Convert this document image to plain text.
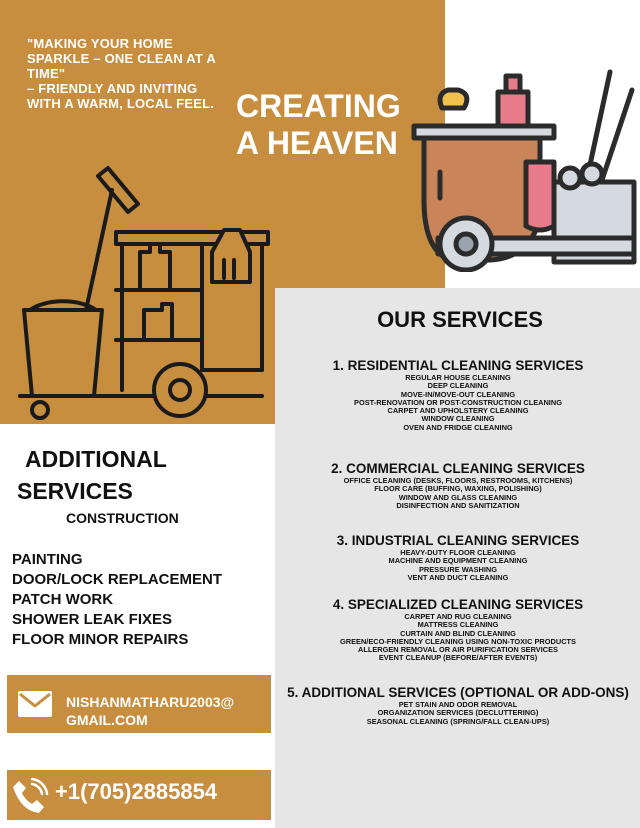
"MAKING YOUR HOME
SPARKLE – ONE CLEAN AT A
TIME"
– FRIENDLY AND INVITING
WITH A WARM, LOCAL FEEL. CREATING
A HEAVEN
OUR SERVICES
1. RESIDENTIAL CLEANING SERVICES
REGULAR HOUSE CLEANING
DEEP CLEANING
MOVE-IN/MOVE-OUT CLEANING
POST-RENOVATION OR POST-CONSTRUCTION CLEANING
CARPET AND UPHOLSTERY CLEANING
WINDOW CLEANING
OVEN AND FRIDGE CLEANING
2. COMMERCIAL CLEANING SERVICES
OFFICE CLEANING (DESKS, FLOORS, RESTROOMS, KITCHENS)
FLOOR CARE (BUFFING, WAXING, POLISHING)
WINDOW AND GLASS CLEANING
DISINFECTION AND SANITIZATION
3. INDUSTRIAL CLEANING SERVICES
HEAVY-DUTY FLOOR CLEANING
MACHINE AND EQUIPMENT CLEANING
PRESSURE WASHING
VENT AND DUCT CLEANING
4. SPECIALIZED CLEANING SERVICES
CARPET AND RUG CLEANING
MATTRESS CLEANING
CURTAIN AND BLIND CLEANING
GREEN/ECO-FRIENDLY CLEANING USING NON-TOXIC PRODUCTS
ALLERGEN REMOVAL OR AIR PURIFICATION SERVICES
EVENT CLEANUP (BEFORE/AFTER EVENTS)
5. ADDITIONAL SERVICES (OPTIONAL OR ADD-ONS)
PET STAIN AND ODOR REMOVAL
ORGANIZATION SERVICES (DECLUTTERING)
SEASONAL CLEANING (SPRING/FALL CLEAN-UPS)
ADDITIONAL
SERVICES
CONSTRUCTION
PAINTING
DOOR/LOCK REPLACEMENT
PATCH WORK
SHOWER LEAK FIXES
FLOOR MINOR REPAIRS
NISHANMATHARU2003@
GMAIL.COM
+1(705)2885854
